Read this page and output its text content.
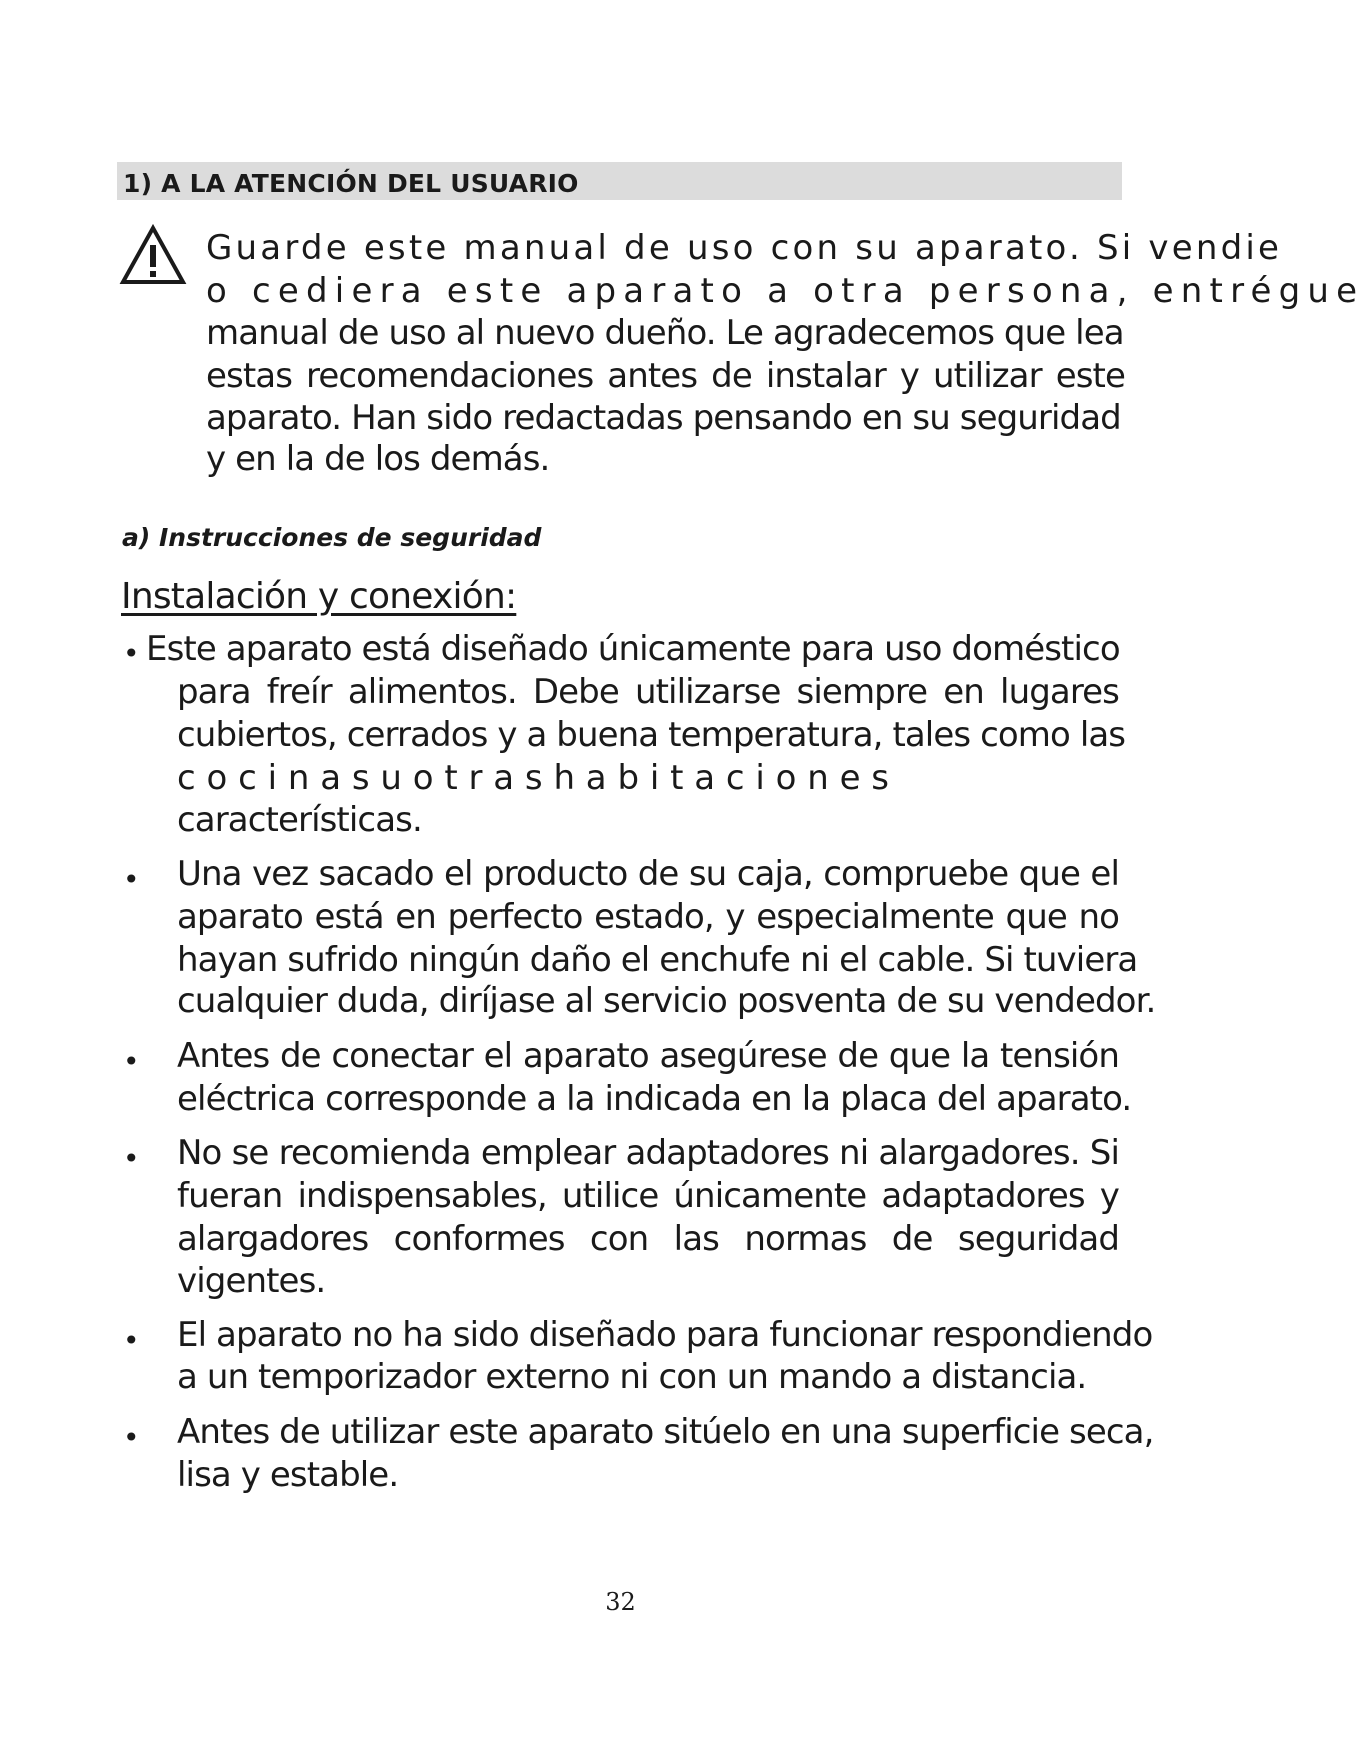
1) A LA ATENCIÓN DEL USUARIO
Guarde este manual de uso con su aparato. Si vendie
o cediera este aparato a otra persona, entrégue
manual de uso al nuevo dueño. Le agradecemos que lea
estas recomendaciones antes de instalar y utilizar este
aparato. Han sido redactadas pensando en su seguridad
y en la de los demás.
a) Instrucciones de seguridad
Instalación y conexión:
• Este aparato está diseñado únicamente para uso doméstico
para freír alimentos. Debe utilizarse siempre en lugares
cubiertos, cerrados y a buena temperatura, tales como las
c o c i n a s u o t r a s h a b i t a c i o n e s
características.
• Una vez sacado el producto de su caja, compruebe que el
aparato está en perfecto estado, y especialmente que no
hayan sufrido ningún daño el enchufe ni el cable. Si tuviera
cualquier duda, diríjase al servicio posventa de su vendedor.
• Antes de conectar el aparato asegúrese de que la tensión
eléctrica corresponde a la indicada en la placa del aparato.
• No se recomienda emplear adaptadores ni alargadores. Si
fueran indispensables, utilice únicamente adaptadores y
alargadores conformes con las normas de seguridad
vigentes.
• El aparato no ha sido diseñado para funcionar respondiendo
a un temporizador externo ni con un mando a distancia.
• Antes de utilizar este aparato sitúelo en una superficie seca,
lisa y estable.
32
